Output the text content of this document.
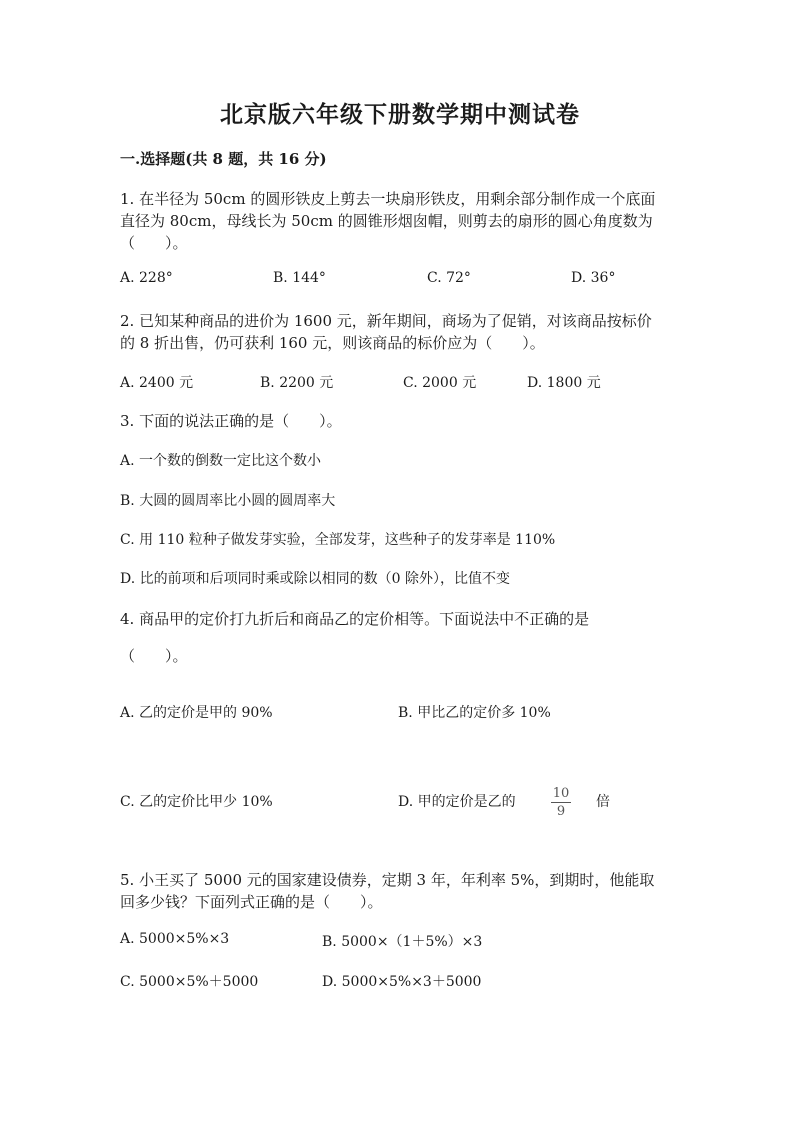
北京版六年级下册数学期中测试卷
一.选择题(共 8 题，共 16 分)
1. 在半径为 50cm 的圆形铁皮上剪去一块扇形铁皮，用剩余部分制作成一个底面
直径为 80cm，母线长为 50cm 的圆锥形烟囱帽，则剪去的扇形的圆心角度数为
（　　）。
A. 228°	B. 144°	C. 72°	D. 36°
2. 已知某种商品的进价为 1600 元，新年期间，商场为了促销，对该商品按标价
的 8 折出售，仍可获利 160 元，则该商品的标价应为（　　）。
A. 2400 元	B. 2200 元	C. 2000 元	D. 1800 元
3. 下面的说法正确的是（　　）。
A. 一个数的倒数一定比这个数小
B. 大圆的圆周率比小圆的圆周率大
C. 用 110 粒种子做发芽实验，全部发芽，这些种子的发芽率是 110%
D. 比的前项和后项同时乘或除以相同的数（0 除外），比值不变
4. 商品甲的定价打九折后和商品乙的定价相等。下面说法中不正确的是
（　　）。
A. 乙的定价是甲的 90%	B. 甲比乙的定价多 10%
C. 乙的定价比甲少 10%	D. 甲的定价是乙的	$\frac{10}{9}$ 倍
5. 小王买了 5000 元的国家建设债券，定期 3 年，年利率 5%，到期时，他能取
回多少钱？下面列式正确的是（　　）。
A. 5000×5%×3	B. 5000×（1＋5%）×3
C. 5000×5%＋5000	D. 5000×5%×3＋5000
